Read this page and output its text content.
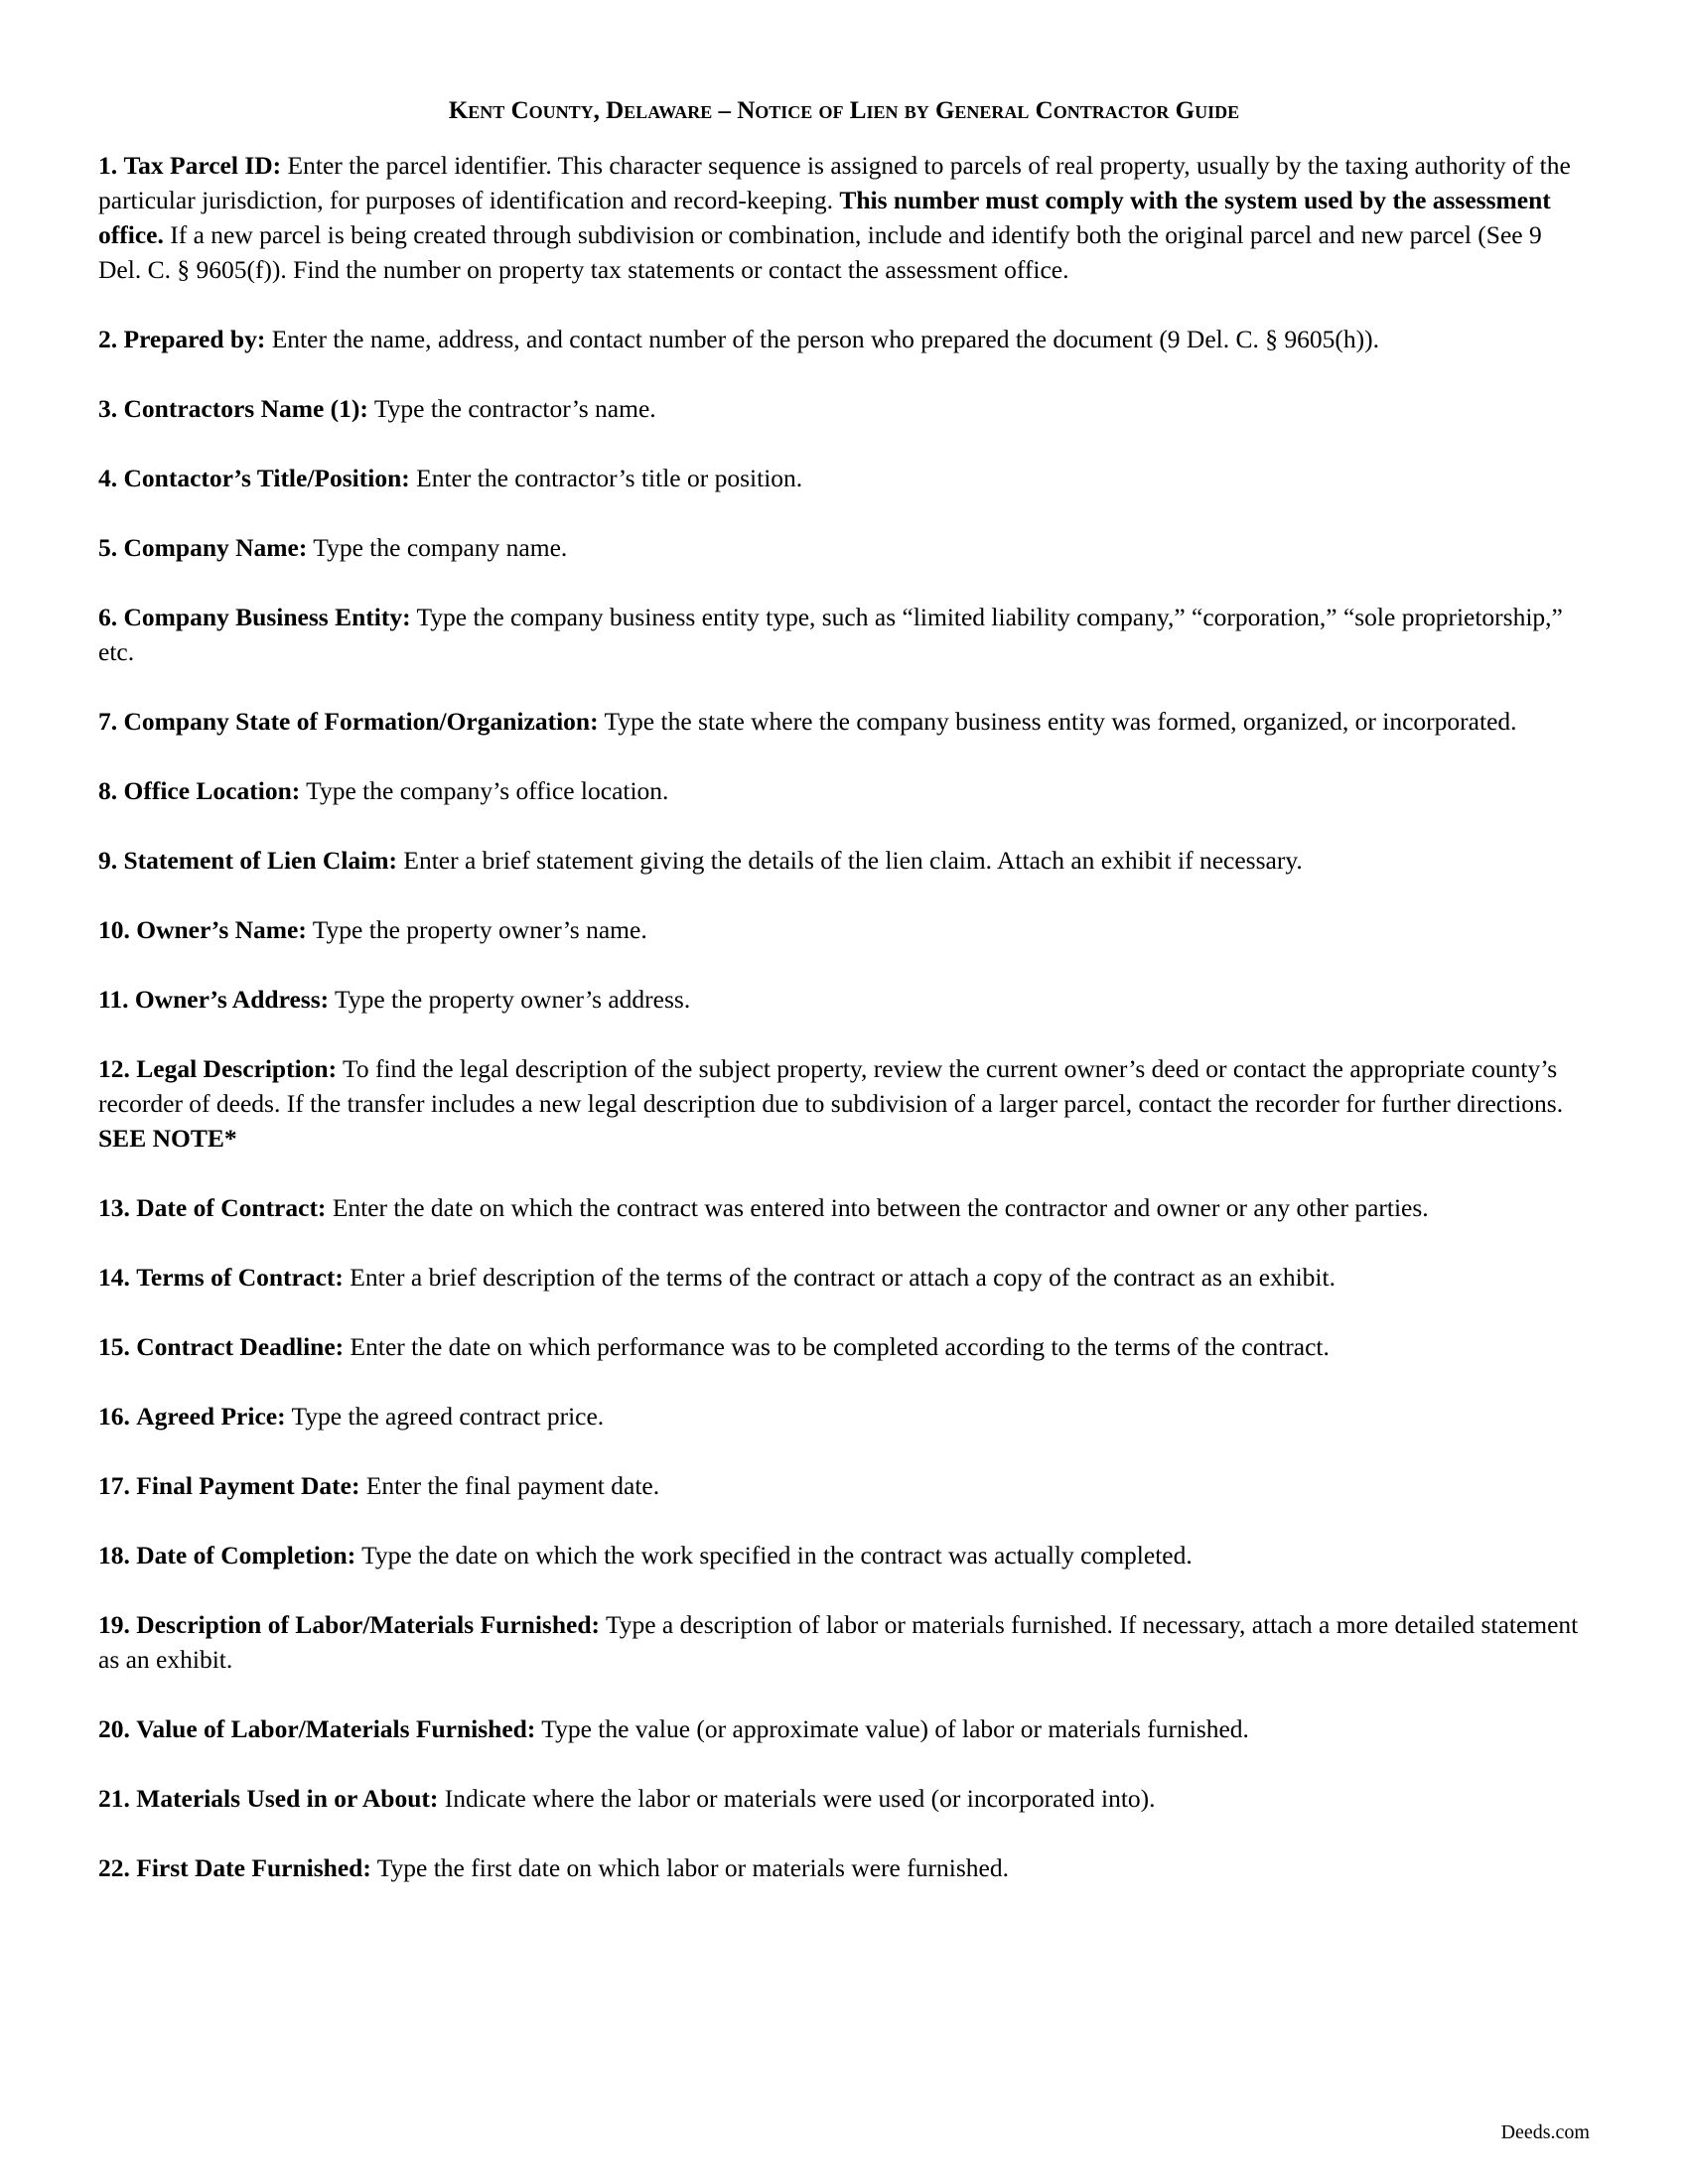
Kent County, Delaware – Notice of Lien by General Contractor Guide
1. Tax Parcel ID: Enter the parcel identifier. This character sequence is assigned to parcels of real property, usually by the taxing authority of the particular jurisdiction, for purposes of identification and record-keeping. This number must comply with the system used by the assessment office. If a new parcel is being created through subdivision or combination, include and identify both the original parcel and new parcel (See 9 Del. C. § 9605(f)). Find the number on property tax statements or contact the assessment office.
2. Prepared by: Enter the name, address, and contact number of the person who prepared the document (9 Del. C. § 9605(h)).
3. Contractors Name (1): Type the contractor’s name.
4. Contactor’s Title/Position: Enter the contractor’s title or position.
5. Company Name: Type the company name.
6. Company Business Entity: Type the company business entity type, such as “limited liability company,” “corporation,” “sole proprietorship,” etc.
7. Company State of Formation/Organization: Type the state where the company business entity was formed, organized, or incorporated.
8. Office Location: Type the company’s office location.
9. Statement of Lien Claim: Enter a brief statement giving the details of the lien claim. Attach an exhibit if necessary.
10. Owner’s Name: Type the property owner’s name.
11. Owner’s Address: Type the property owner’s address.
12. Legal Description: To find the legal description of the subject property, review the current owner’s deed or contact the appropriate county’s recorder of deeds. If the transfer includes a new legal description due to subdivision of a larger parcel, contact the recorder for further directions. SEE NOTE*
13. Date of Contract: Enter the date on which the contract was entered into between the contractor and owner or any other parties.
14. Terms of Contract: Enter a brief description of the terms of the contract or attach a copy of the contract as an exhibit.
15. Contract Deadline: Enter the date on which performance was to be completed according to the terms of the contract.
16. Agreed Price: Type the agreed contract price.
17. Final Payment Date: Enter the final payment date.
18. Date of Completion: Type the date on which the work specified in the contract was actually completed.
19. Description of Labor/Materials Furnished: Type a description of labor or materials furnished. If necessary, attach a more detailed statement as an exhibit.
20. Value of Labor/Materials Furnished: Type the value (or approximate value) of labor or materials furnished.
21. Materials Used in or About: Indicate where the labor or materials were used (or incorporated into).
22. First Date Furnished: Type the first date on which labor or materials were furnished.
Deeds.com
